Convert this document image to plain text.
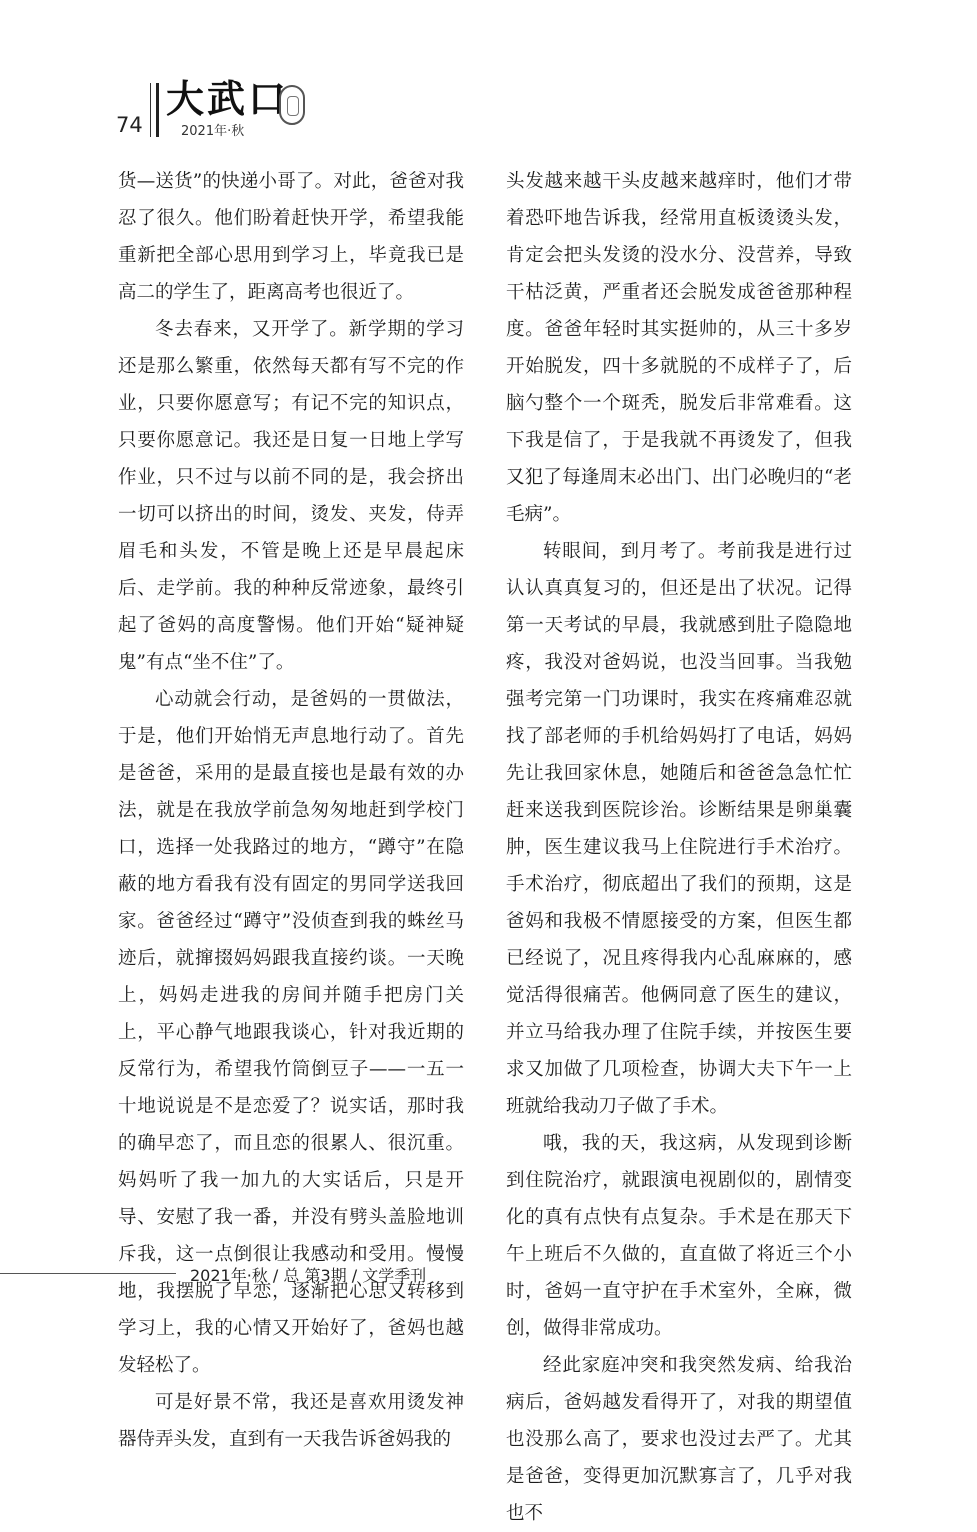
74
大武口
2021年·秋

货—送货”的快递小哥了。对此，爸爸对我忍了很久。他们盼着赶快开学，希望我能重新把全部心思用到学习上，毕竟我已是高二的学生了，距离高考也很近了。

冬去春来，又开学了。新学期的学习还是那么繁重，依然每天都有写不完的作业，只要你愿意写；有记不完的知识点，只要你愿意记。我还是日复一日地上学写作业，只不过与以前不同的是，我会挤出一切可以挤出的时间，烫发、夹发，侍弄眉毛和头发，不管是晚上还是早晨起床后、走学前。我的种种反常迹象，最终引起了爸妈的高度警惕。他们开始“疑神疑鬼”有点“坐不住”了。

心动就会行动，是爸妈的一贯做法，于是，他们开始悄无声息地行动了。首先是爸爸，采用的是最直接也是最有效的办法，就是在我放学前急匆匆地赶到学校门口，选择一处我路过的地方，“蹲守”在隐蔽的地方看我有没有固定的男同学送我回家。爸爸经过“蹲守”没侦查到我的蛛丝马迹后，就撺掇妈妈跟我直接约谈。一天晚上，妈妈走进我的房间并随手把房门关上，平心静气地跟我谈心，针对我近期的反常行为，希望我竹筒倒豆子——一五一十地说说是不是恋爱了？说实话，那时我的确早恋了，而且恋的很累人、很沉重。妈妈听了我一加九的大实话后，只是开导、安慰了我一番，并没有劈头盖脸地训斥我，这一点倒很让我感动和受用。慢慢地，我摆脱了早恋，逐渐把心思又转移到学习上，我的心情又开始好了，爸妈也越发轻松了。

可是好景不常，我还是喜欢用烫发神器侍弄头发，直到有一天我告诉爸妈我的

头发越来越干头皮越来越痒时，他们才带着恐吓地告诉我，经常用直板烫烫头发，肯定会把头发烫的没水分、没营养，导致干枯泛黄，严重者还会脱发成爸爸那种程度。爸爸年轻时其实挺帅的，从三十多岁开始脱发，四十多就脱的不成样子了，后脑勺整个一个斑秃，脱发后非常难看。这下我是信了，于是我就不再烫发了，但我又犯了每逢周末必出门、出门必晚归的“老毛病”。

转眼间，到月考了。考前我是进行过认认真真复习的，但还是出了状况。记得第一天考试的早晨，我就感到肚子隐隐地疼，我没对爸妈说，也没当回事。当我勉强考完第一门功课时，我实在疼痛难忍就找了部老师的手机给妈妈打了电话，妈妈先让我回家休息，她随后和爸爸急急忙忙赶来送我到医院诊治。诊断结果是卵巢囊肿，医生建议我马上住院进行手术治疗。手术治疗，彻底超出了我们的预期，这是爸妈和我极不情愿接受的方案，但医生都已经说了，况且疼得我内心乱麻麻的，感觉活得很痛苦。他俩同意了医生的建议，并立马给我办理了住院手续，并按医生要求又加做了几项检查，协调大夫下午一上班就给我动刀子做了手术。

哦，我的天，我这病，从发现到诊断到住院治疗，就跟演电视剧似的，剧情变化的真有点快有点复杂。手术是在那天下午上班后不久做的，直直做了将近三个小时，爸妈一直守护在手术室外，全麻，微创，做得非常成功。

经此家庭冲突和我突然发病、给我治病后，爸妈越发看得开了，对我的期望值也没那么高了，要求也没过去严了。尤其是爸爸，变得更加沉默寡言了，几乎对我也不

2021年·秋 / 总 第3期 / 文学季刊
